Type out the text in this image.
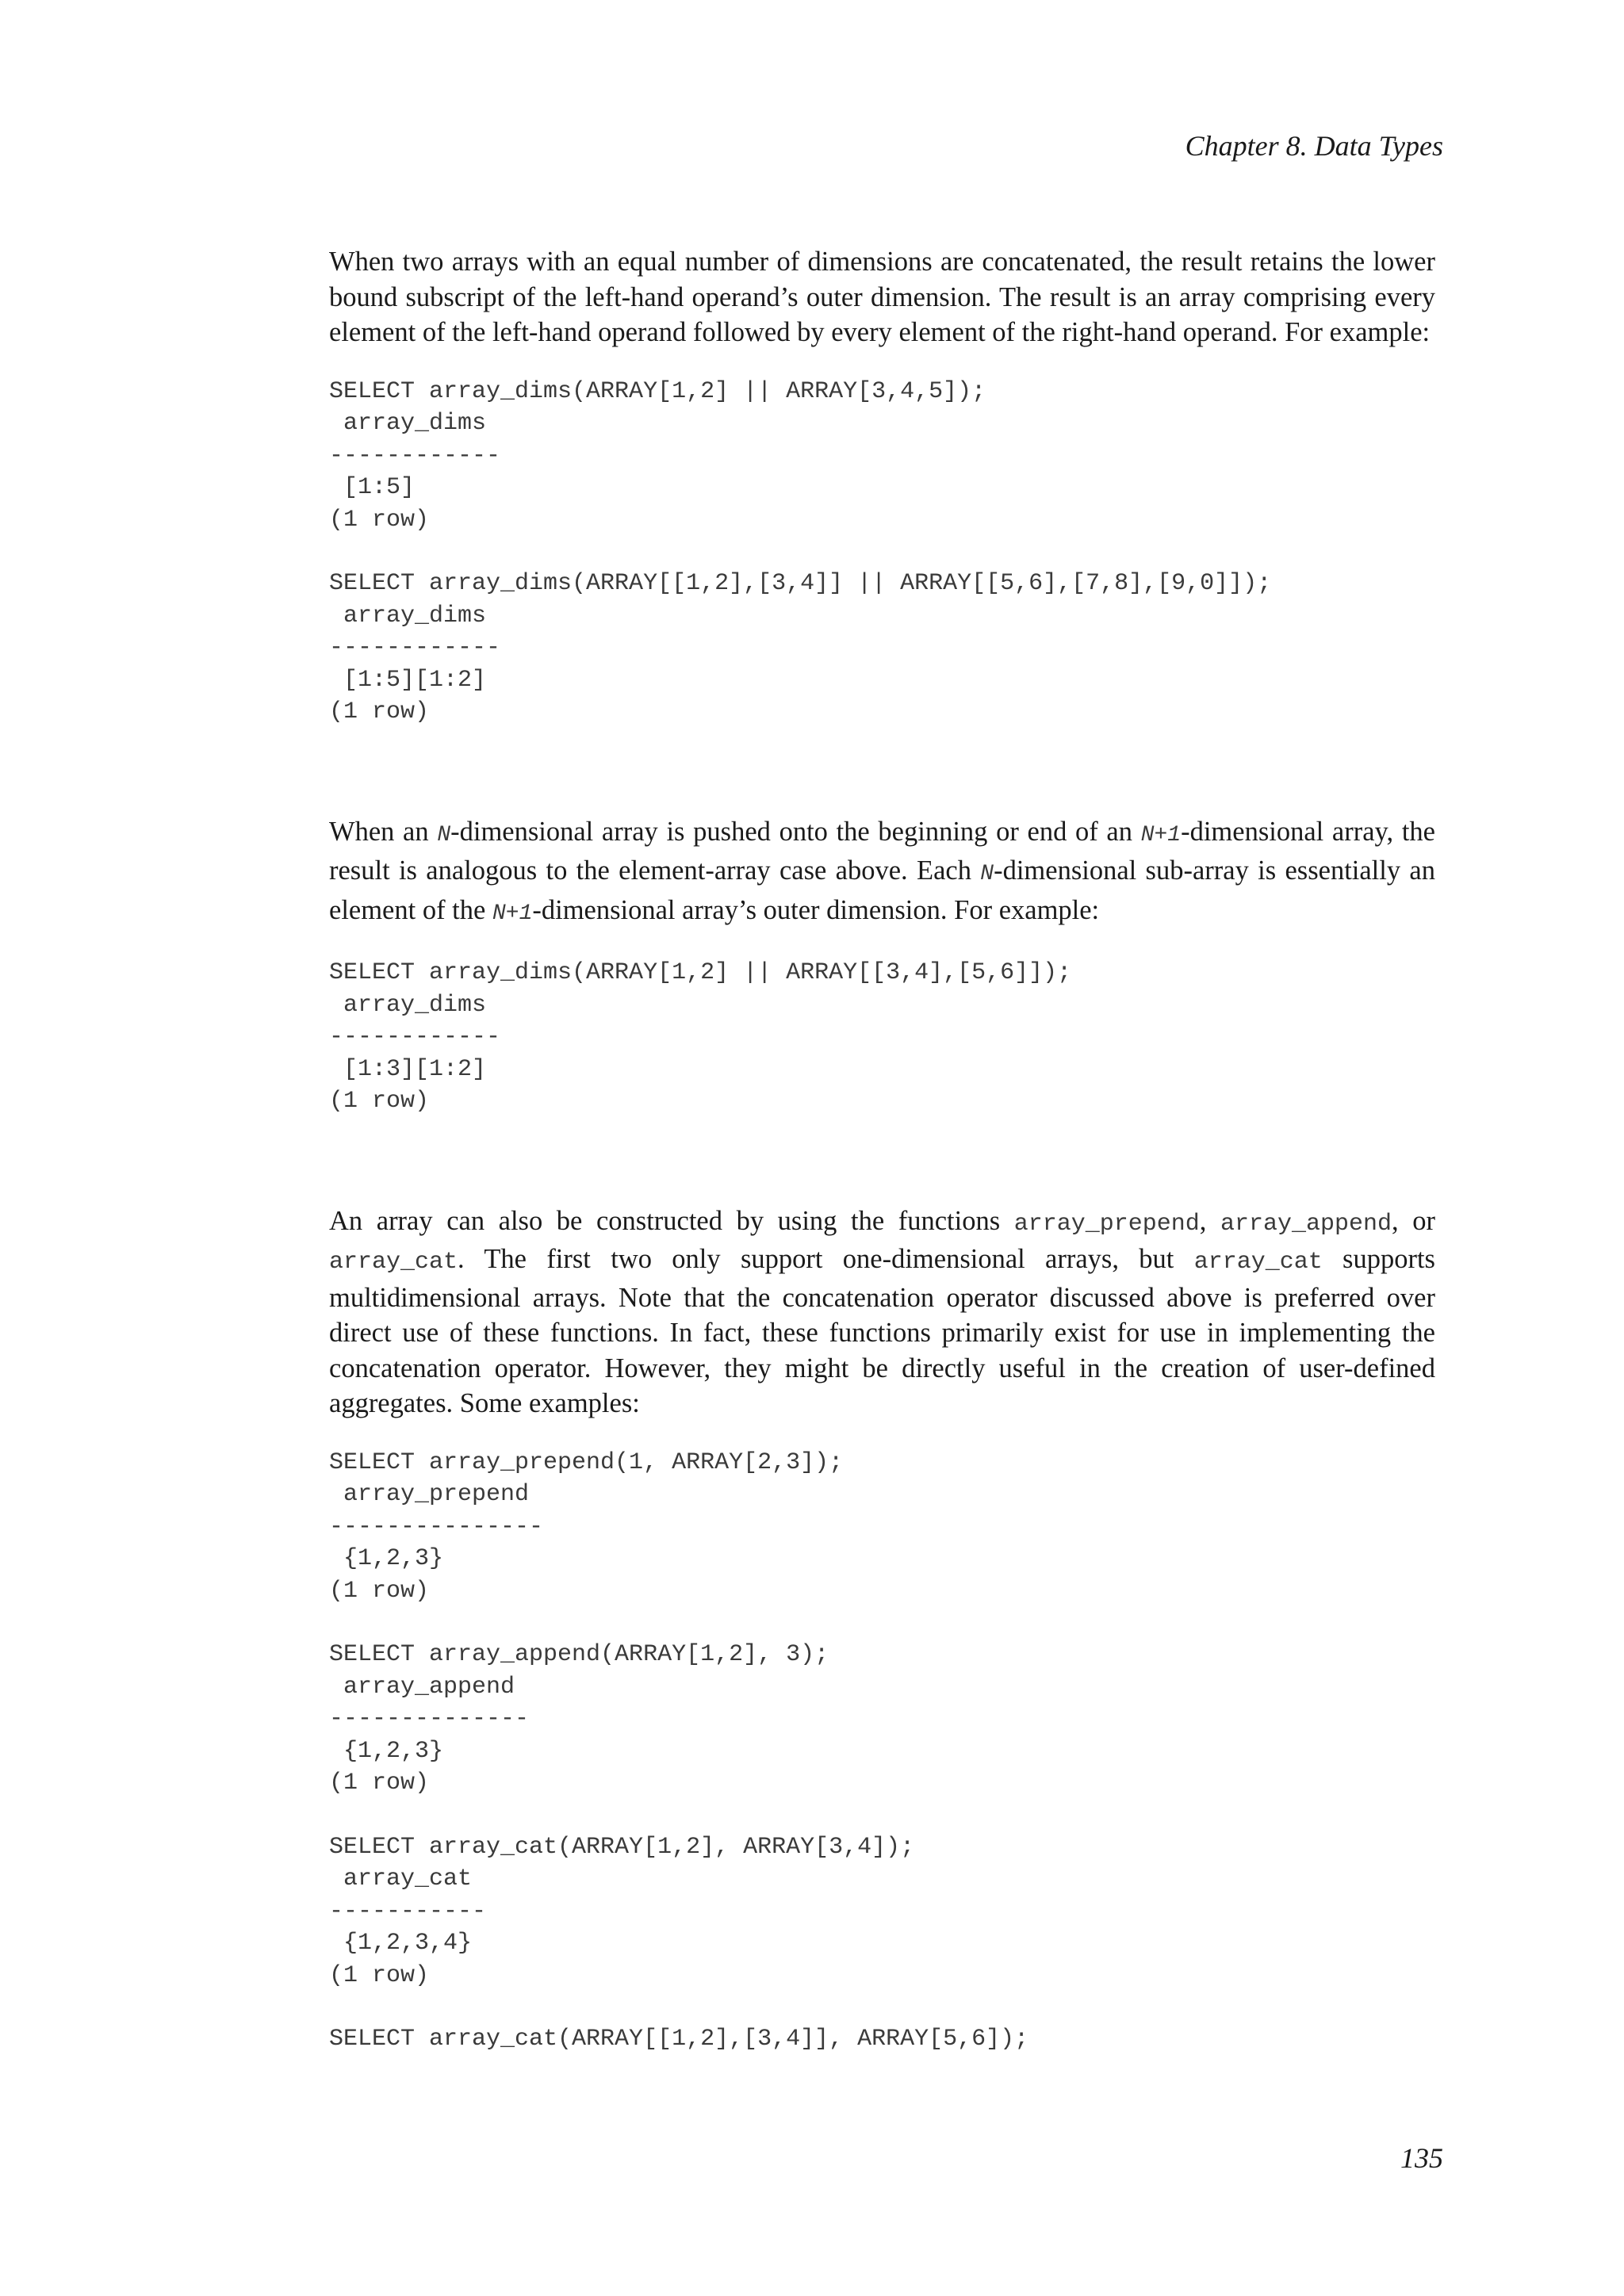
Chapter 8. Data Types

When two arrays with an equal number of dimensions are concatenated, the result retains the lower bound subscript of the left-hand operand’s outer dimension. The result is an array comprising every element of the left-hand operand followed by every element of the right-hand operand. For example:

SELECT array_dims(ARRAY[1,2] || ARRAY[3,4,5]);
array_dims
------------
[1:5]
(1 row)
SELECT array_dims(ARRAY[[1,2],[3,4]] || ARRAY[[5,6],[7,8],[9,0]]);
array_dims
------------
[1:5][1:2]
(1 row)

When an N-dimensional array is pushed onto the beginning or end of an N+1-dimensional array, the result is analogous to the element-array case above. Each N-dimensional sub-array is essentially an element of the N+1-dimensional array’s outer dimension. For example:

SELECT array_dims(ARRAY[1,2] || ARRAY[[3,4],[5,6]]);
array_dims
------------
[1:3][1:2]
(1 row)

An array can also be constructed by using the functions array_prepend, array_append, or array_cat. The first two only support one-dimensional arrays, but array_cat supports multidimensional arrays. Note that the concatenation operator discussed above is preferred over direct use of these functions. In fact, these functions primarily exist for use in implementing the concatenation operator. However, they might be directly useful in the creation of user-defined aggregates. Some examples:

SELECT array_prepend(1, ARRAY[2,3]);
array_prepend
---------------
{1,2,3}
(1 row)
SELECT array_append(ARRAY[1,2], 3);
array_append
--------------
{1,2,3}
(1 row)
SELECT array_cat(ARRAY[1,2], ARRAY[3,4]);
array_cat
-----------
{1,2,3,4}
(1 row)
SELECT array_cat(ARRAY[[1,2],[3,4]], ARRAY[5,6]);
135
